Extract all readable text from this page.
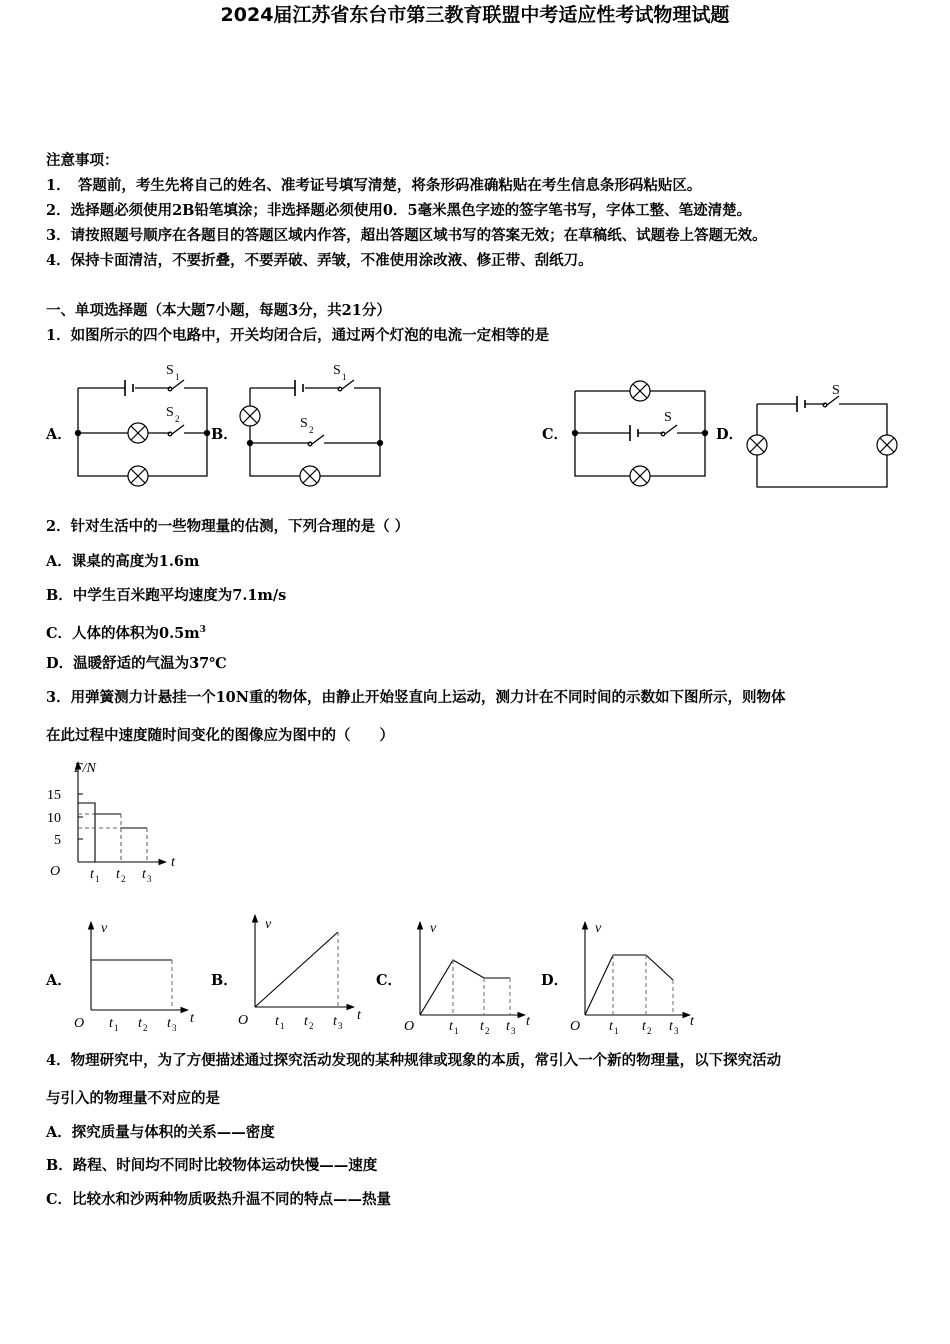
2024届江苏省东台市第三教育联盟中考适应性考试物理试题
注意事项：
1．　答题前，考生先将自己的姓名、准考证号填写清楚，将条形码准确粘贴在考生信息条形码粘贴区。
2．选择题必须使用2B铅笔填涂；非选择题必须使用0．5毫米黑色字迹的签字笔书写，字体工整、笔迹清楚。
3．请按照题号顺序在各题目的答题区域内作答，超出答题区域书写的答案无效；在草稿纸、试题卷上答题无效。
4．保持卡面清洁，不要折叠，不要弄破、弄皱，不准使用涂改液、修正带、刮纸刀。
一、单项选择题（本大题7小题，每题3分，共21分）
1．如图所示的四个电路中，开关均闭合后，通过两个灯泡的电流一定相等的是
A．	B．	C．	D．
2．针对生活中的一些物理量的估测，下列合理的是（ ）
A．课桌的高度为1.6m
B．中学生百米跑平均速度为7.1m/s
C．人体的体积为$0.5m^3$
D．温暖舒适的气温为37℃
3．用弹簧测力计悬挂一个10N重的物体，由静止开始竖直向上运动，测力计在不同时间的示数如下图所示，则物体
在此过程中速度随时间变化的图像应为图中的（　　）
A．	B．	C．	D．
4．物理研究中，为了方便描述通过探究活动发现的某种规律或现象的本质，常引入一个新的物理量，以下探究活动
与引入的物理量不对应的是
A．探究质量与体积的关系——密度
B．路程、时间均不同时比较物体运动快慢——速度
C．比较水和沙两种物质吸热升温不同的特点——热量
S 1
S 2
S 1
S 2
S
S
F/N
t
O
15
10
5
t 1 t 2 t 3
v	v	v	v
t	t	t	t
O	O	O	O
t 1 t 2 t 3	t 1 t 2 t 3	t 1 t 2 t 3	t 1 t 2 t 3
